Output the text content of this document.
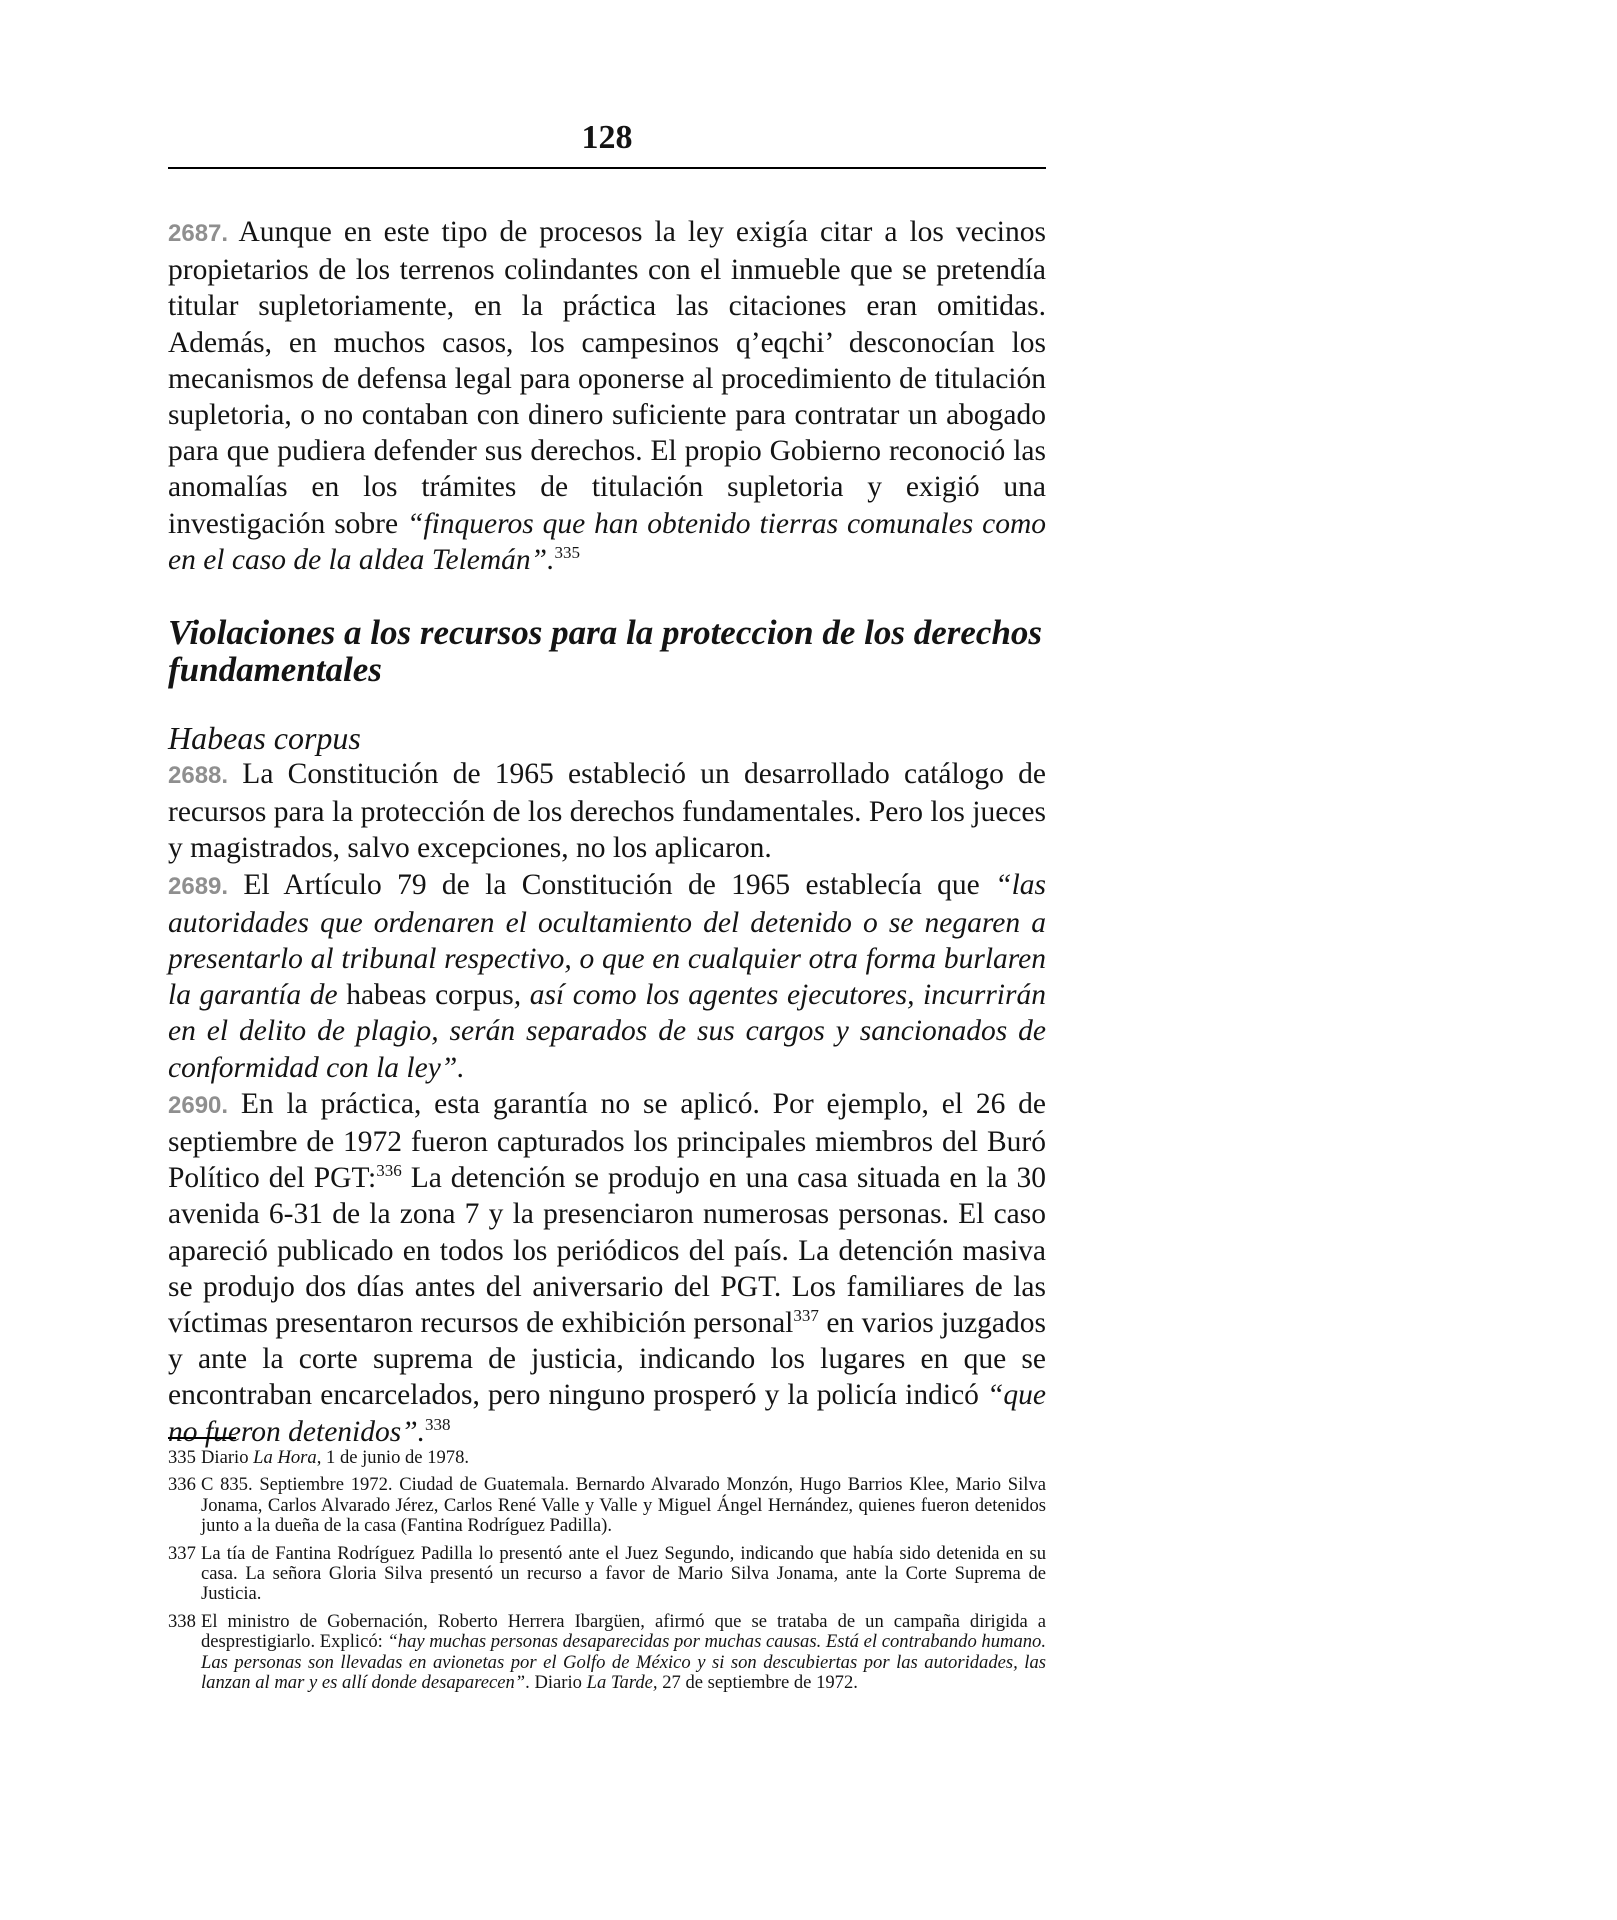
128

2687. Aunque en este tipo de procesos la ley exigía citar a los vecinos propietarios de los terrenos colindantes con el inmueble que se pretendía titular supletoriamente, en la práctica las citaciones eran omitidas. Además, en muchos casos, los campesinos q’eqchi’ desconocían los mecanismos de defensa legal para oponerse al procedimiento de titulación supletoria, o no contaban con dinero suficiente para contratar un abogado para que pudiera defender sus derechos. El propio Gobierno reconoció las anomalías en los trámites de titulación supletoria y exigió una investigación sobre “finqueros que han obtenido tierras comunales como en el caso de la aldea Telemán”.$^{335}$

Violaciones a los recursos para la proteccion de los derechos fundamentales
Habeas corpus

2688. La Constitución de 1965 estableció un desarrollado catálogo de recursos para la protección de los derechos fundamentales. Pero los jueces y magistrados, salvo excepciones, no los aplicaron.

2689. El Artículo 79 de la Constitución de 1965 establecía que “las autoridades que ordenaren el ocultamiento del detenido o se negaren a presentarlo al tribunal respectivo, o que en cualquier otra forma burlaren la garantía de habeas corpus, así como los agentes ejecutores, incurrirán en el delito de plagio, serán separados de sus cargos y sancionados de conformidad con la ley”.

2690. En la práctica, esta garantía no se aplicó. Por ejemplo, el 26 de septiembre de 1972 fueron capturados los principales miembros del Buró Político del PGT:$^{336}$ La detención se produjo en una casa situada en la 30 avenida 6-31 de la zona 7 y la presenciaron numerosas personas. El caso apareció publicado en todos los periódicos del país. La detención masiva se produjo dos días antes del aniversario del PGT. Los familiares de las víctimas presentaron recursos de exhibición personal$^{337}$ en varios juzgados y ante la corte suprema de justicia, indicando los lugares en que se encontraban encarcelados, pero ninguno prosperó y la policía indicó “que no fueron detenidos”.$^{338}$

335 Diario La Hora, 1 de junio de 1978.
336 C 835. Septiembre 1972. Ciudad de Guatemala. Bernardo Alvarado Monzón, Hugo Barrios Klee, Mario Silva Jonama, Carlos Alvarado Jérez, Carlos René Valle y Valle y Miguel Ángel Hernández, quienes fueron detenidos junto a la dueña de la casa (Fantina Rodríguez Padilla).
337 La tía de Fantina Rodríguez Padilla lo presentó ante el Juez Segundo, indicando que había sido detenida en su casa. La señora Gloria Silva presentó un recurso a favor de Mario Silva Jonama, ante la Corte Suprema de Justicia.
338 El ministro de Gobernación, Roberto Herrera Ibargüen, afirmó que se trataba de un campaña dirigida a desprestigiarlo. Explicó: “hay muchas personas desaparecidas por muchas causas. Está el contrabando humano. Las personas son llevadas en avionetas por el Golfo de México y si son descubiertas por las autoridades, las lanzan al mar y es allí donde desaparecen”. Diario La Tarde, 27 de septiembre de 1972.
